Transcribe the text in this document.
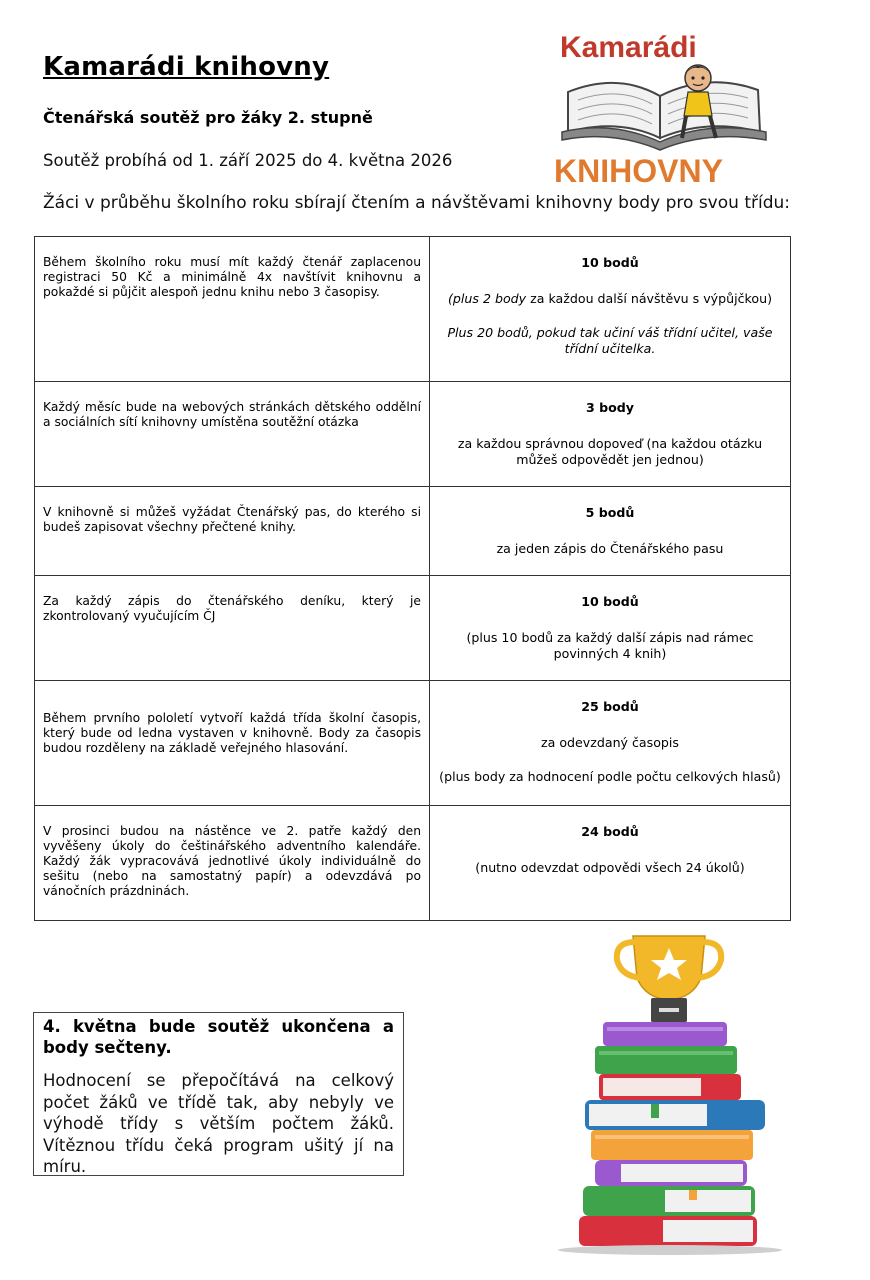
Kamarádi knihovny

Čtenářská soutěž pro žáky 2. stupně

Soutěž probíhá od 1. září 2025 do 4. května 2026

Žáci v průběhu školního roku sbírají čtením a návštěvami knihovny body pro svou třídu:

Kamarádi
KNIHOVNY
Během školního roku musí mít každý čtenář zaplacenou registraci 50 Kč a minimálně 4x navštívit knihovnu a pokaždé si půjčit alespoň jednu knihu nebo 3 časopisy.	10 bodů

(plus 2 body za každou další návštěvu s výpůjčkou)

Plus 20 bodů, pokud tak učiní váš třídní učitel, vaše třídní učitelka.

Každý měsíc bude na webových stránkách dětského oddělní a sociálních sítí knihovny umístěna soutěžní otázka	3 body

za každou správnou dopoveď (na každou otázku můžeš odpovědět jen jednou)

V knihovně si můžeš vyžádat Čtenářský pas, do kterého si budeš zapisovat všechny přečtené knihy.	5 bodů

za jeden zápis do Čtenářského pasu

Za každý zápis do čtenářského deníku, který je zkontrolovaný vyučujícím ČJ	10 bodů

(plus 10 bodů za každý další zápis nad rámec povinných 4 knih)

Během prvního pololetí vytvoří každá třída školní časopis, který bude od ledna vystaven v knihovně. Body za časopis budou rozděleny na základě veřejného hlasování.	25 bodů

za odevzdaný časopis

(plus body za hodnocení podle počtu celkových hlasů)

V prosinci budou na nástěnce ve 2. patře každý den vyvěšeny úkoly do češtinářského adventního kalendáře. Každý žák vypracovává jednotlivé úkoly individuálně do sešitu (nebo na samostatný papír) a odevzdává po vánočních prázdninách.	24 bodů

(nutno odevzdat odpovědi všech 24 úkolů)

4. května bude soutěž ukončena a body sečteny.

Hodnocení se přepočítává na celkový počet žáků ve třídě tak, aby nebyly ve výhodě třídy s větším počtem žáků. Vítěznou třídu čeká program ušitý jí na míru.
